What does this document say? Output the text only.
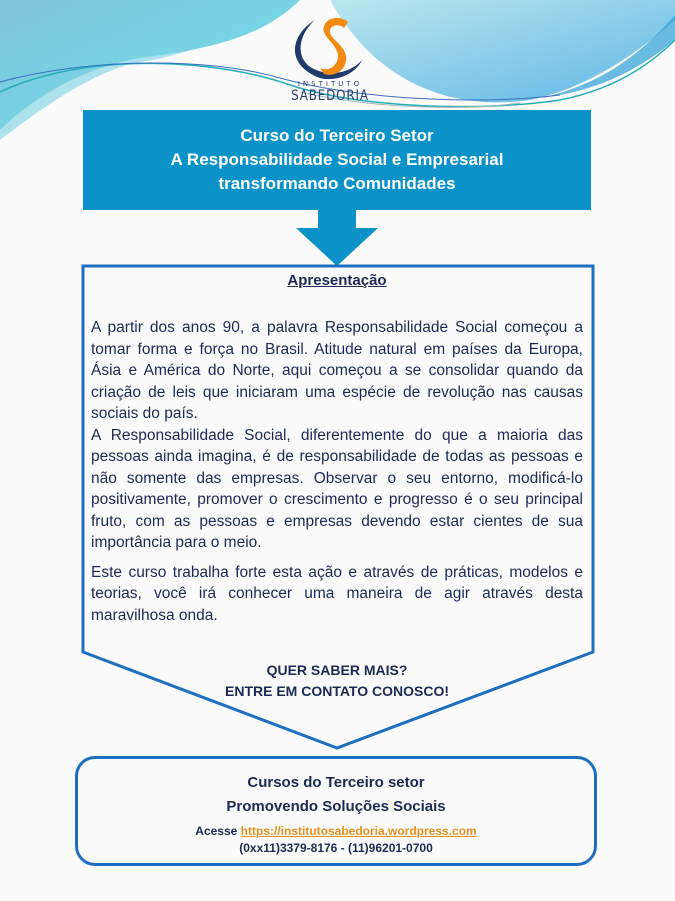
INSTITUTO
SABEDORIA
Curso do Terceiro Setor
A Responsabilidade Social e Empresarial
transformando Comunidades
Apresentação

A partir dos anos 90, a palavra Responsabilidade Social começou a tomar forma e força no Brasil. Atitude natural em países da Europa, Ásia e América do Norte, aqui começou a se consolidar quando da criação de leis que iniciaram uma espécie de revolução nas causas sociais do país.

A Responsabilidade Social, diferentemente do que a maioria das pessoas ainda imagina, é de responsabilidade de todas as pessoas e não somente das empresas. Observar o seu entorno, modificá-lo positivamente, promover o crescimento e progresso é o seu principal fruto, com as pessoas e empresas devendo estar cientes de sua importância para o meio.

Este curso trabalha forte esta ação e através de práticas, modelos e teorias, você irá conhecer uma maneira de agir através desta maravilhosa onda.

QUER SABER MAIS?
ENTRE EM CONTATO CONOSCO!
Cursos do Terceiro setor
Promovendo Soluções Sociais
Acesse https://institutosabedoria.wordpress.com
(0xx11)3379-8176 - (11)96201-0700
